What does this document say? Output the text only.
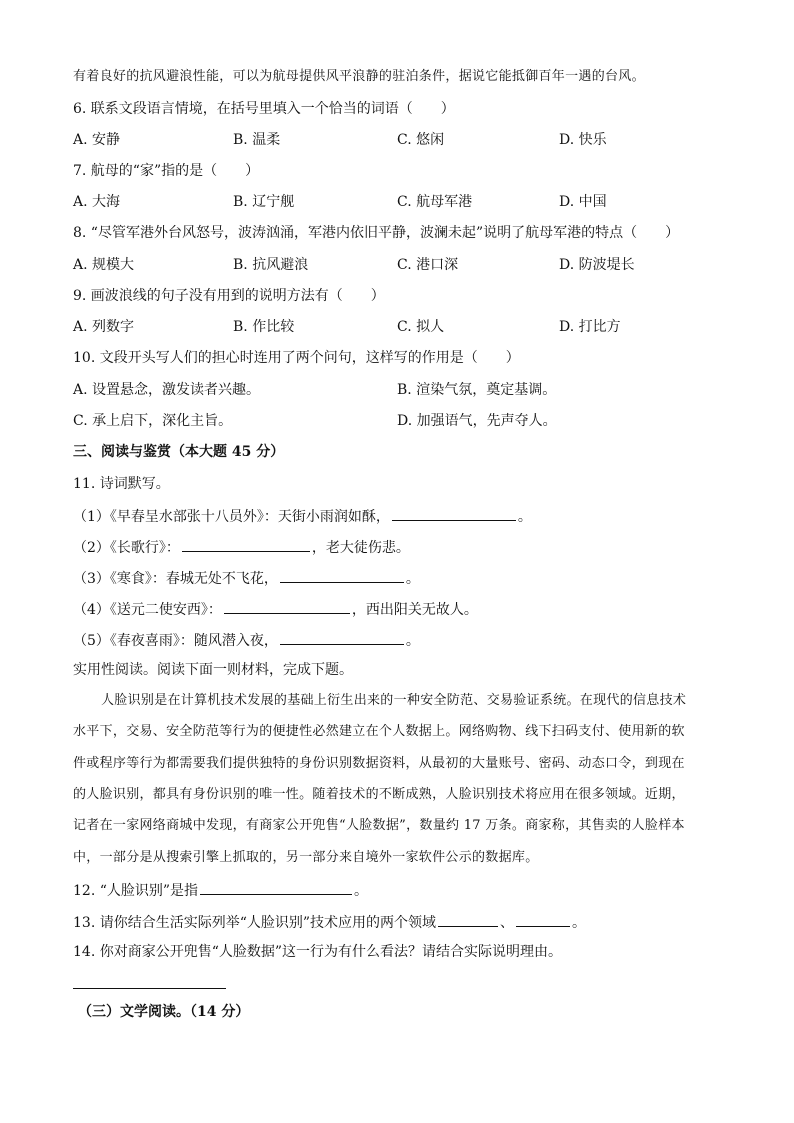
有着良好的抗风避浪性能，可以为航母提供风平浪静的驻泊条件，据说它能抵御百年一遇的台风。
6. 联系文段语言情境，在括号里填入一个恰当的词语（　　）
A. 安静	B. 温柔	C. 悠闲	D. 快乐
7. 航母的“家”指的是（　　）
A. 大海	B. 辽宁舰	C. 航母军港	D. 中国
8. “尽管军港外台风怒号，波涛汹涌，军港内依旧平静，波澜未起”说明了航母军港的特点（　　）
A. 规模大	B. 抗风避浪	C. 港口深	D. 防波堤长
9. 画波浪线的句子没有用到的说明方法有（　　）
A. 列数字	B. 作比较	C. 拟人	D. 打比方
10. 文段开头写人们的担心时连用了两个问句，这样写的作用是（　　）
A. 设置悬念，激发读者兴趣。	B. 渲染气氛，奠定基调。
C. 承上启下，深化主旨。	D. 加强语气，先声夺人。
三、阅读与鉴赏（本大题 45 分）
11. 诗词默写。
（1）《早春呈水部张十八员外》：天街小雨润如酥，	。
（2）《长歌行》：	，老大徒伤悲。
（3）《寒食》：春城无处不飞花，	。
（4）《送元二使安西》：	，西出阳关无故人。
（5）《春夜喜雨》：随风潜入夜，	。
实用性阅读。阅读下面一则材料，完成下题。
人脸识别是在计算机技术发展的基础上衍生出来的一种安全防范、交易验证系统。在现代的信息技术
水平下，交易、安全防范等行为的便捷性必然建立在个人数据上。网络购物、线下扫码支付、使用新的软
件或程序等行为都需要我们提供独特的身份识别数据资料，从最初的大量账号、密码、动态口令，到现在
的人脸识别，都具有身份识别的唯一性。随着技术的不断成熟，人脸识别技术将应用在很多领域。近期，
记者在一家网络商城中发现，有商家公开兜售“人脸数据”，数量约 17 万条。商家称，其售卖的人脸样本
中，一部分是从搜索引擎上抓取的，另一部分来自境外一家软件公示的数据库。
12. “人脸识别”是指	。
13. 请你结合生活实际列举“人脸识别”技术应用的两个领域	、	。
14. 你对商家公开兜售“人脸数据”这一行为有什么看法？请结合实际说明理由。
（三）文学阅读。（14 分）
